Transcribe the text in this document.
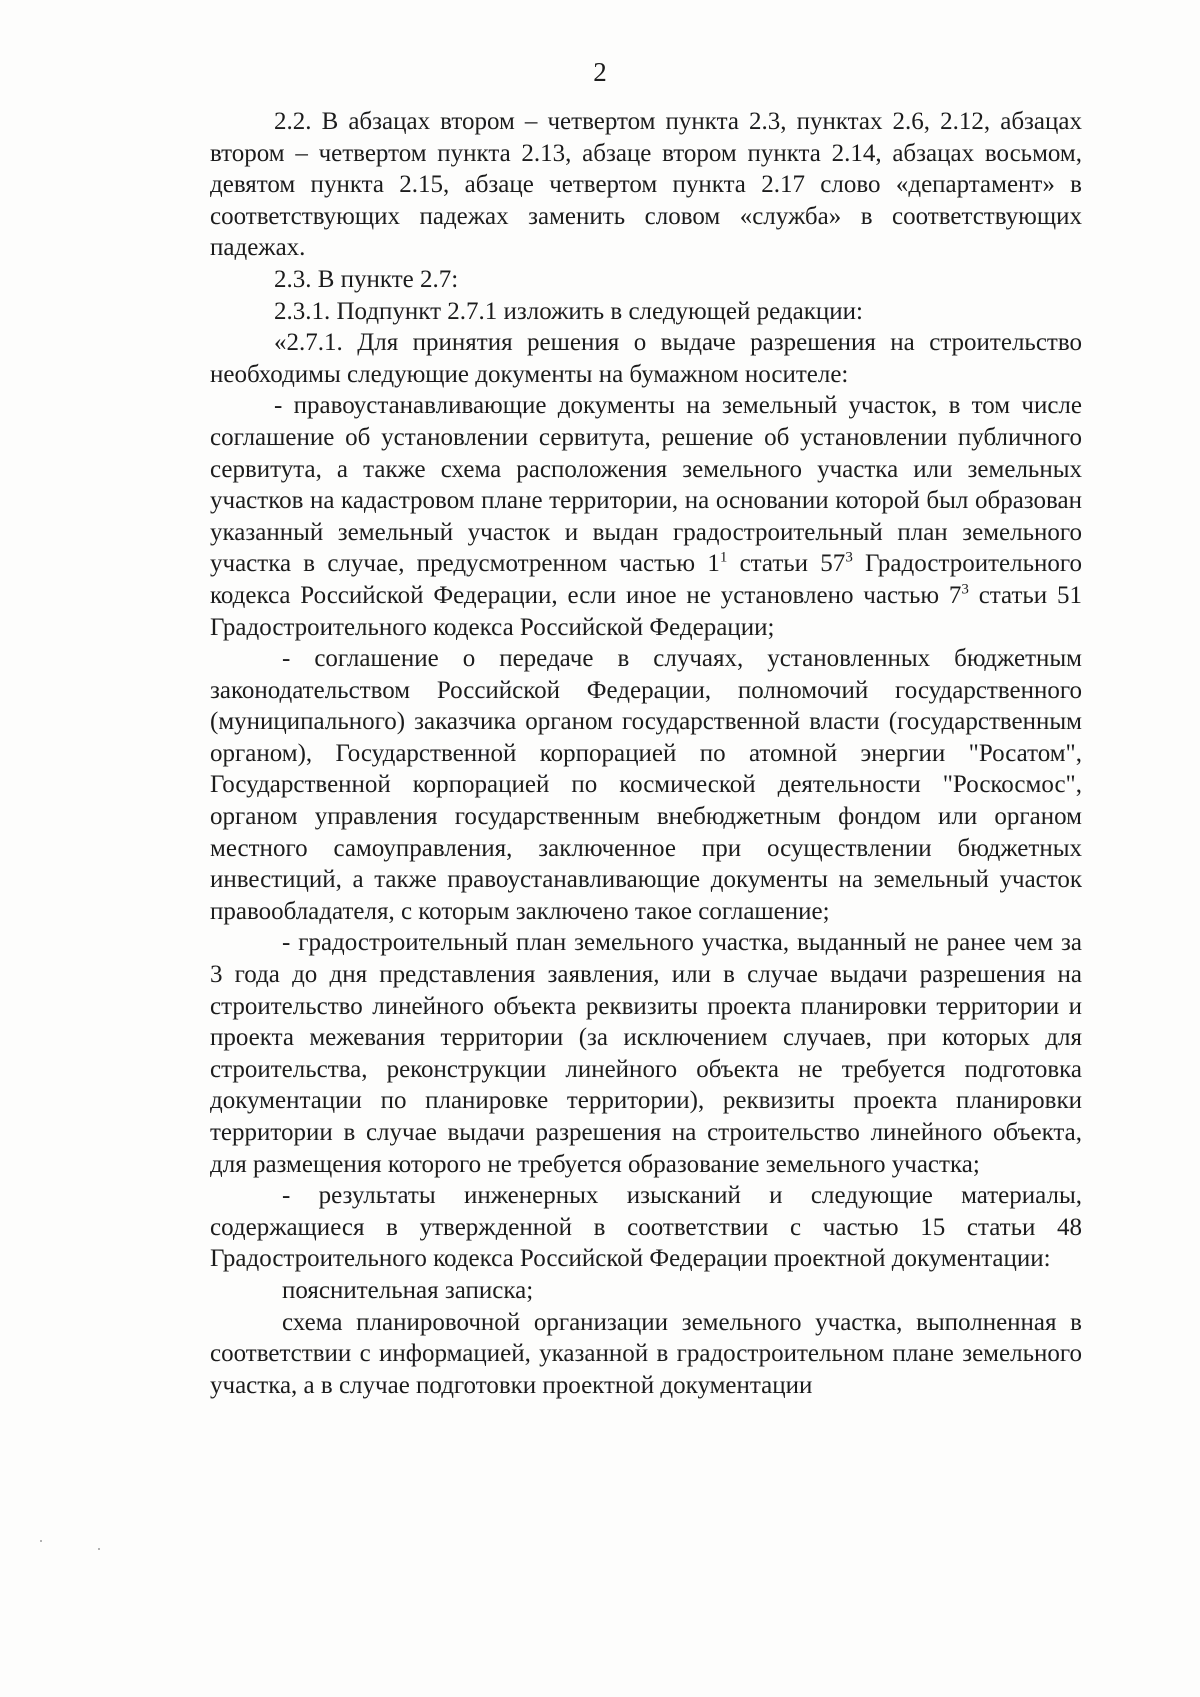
2

2.2. В абзацах втором – четвертом пункта 2.3, пунктах 2.6, 2.12, абзацах втором – четвертом пункта 2.13, абзаце втором пункта 2.14, абзацах восьмом, девятом пункта 2.15, абзаце четвертом пункта 2.17 слово «департамент» в соответствующих падежах заменить словом «служба» в соответствующих падежах.

2.3. В пункте 2.7:

2.3.1. Подпункт 2.7.1 изложить в следующей редакции:

«2.7.1. Для принятия решения о выдаче разрешения на строительство необходимы следующие документы на бумажном носителе:

- правоустанавливающие документы на земельный участок, в том числе соглашение об установлении сервитута, решение об установлении публичного сервитута, а также схема расположения земельного участка или земельных участков на кадастровом плане территории, на основании которой был образован указанный земельный участок и выдан градостроительный план земельного участка в случае, предусмотренном частью $1^1$ статьи $57^3$ Градостроительного кодекса Российской Федерации, если иное не установлено частью $7^3$ статьи 51 Градостроительного кодекса Российской Федерации;

- соглашение о передаче в случаях, установленных бюджетным законодательством Российской Федерации, полномочий государственного (муниципального) заказчика органом государственной власти (государственным органом), Государственной корпорацией по атомной энергии "Росатом", Государственной корпорацией по космической деятельности "Роскосмос", органом управления государственным внебюджетным фондом или органом местного самоуправления, заключенное при осуществлении бюджетных инвестиций, а также правоустанавливающие документы на земельный участок правообладателя, с которым заключено такое соглашение;

- градостроительный план земельного участка, выданный не ранее чем за 3 года до дня представления заявления, или в случае выдачи разрешения на строительство линейного объекта реквизиты проекта планировки территории и проекта межевания территории (за исключением случаев, при которых для строительства, реконструкции линейного объекта не требуется подготовка документации по планировке территории), реквизиты проекта планировки территории в случае выдачи разрешения на строительство линейного объекта, для размещения которого не требуется образование земельного участка;

- результаты инженерных изысканий и следующие материалы, содержащиеся в утвержденной в соответствии с частью 15 статьи 48 Градостроительного кодекса Российской Федерации проектной документации:

пояснительная записка;

схема планировочной организации земельного участка, выполненная в соответствии с информацией, указанной в градостроительном плане земельного участка, а в случае подготовки проектной документации
